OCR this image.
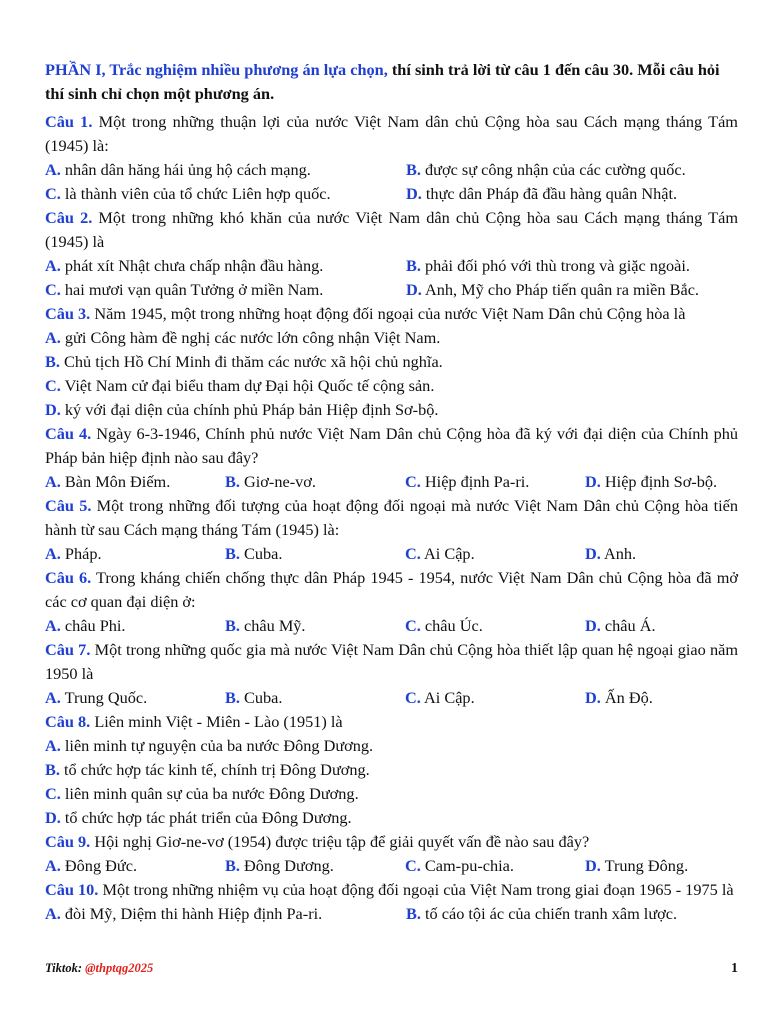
PHẦN I, Trắc nghiệm nhiều phương án lựa chọn, thí sinh trả lời từ câu 1 đến câu 30. Mỗi câu hỏi thí sinh chỉ chọn một phương án.
Câu 1. Một trong những thuận lợi của nước Việt Nam dân chủ Cộng hòa sau Cách mạng tháng Tám (1945) là:
A. nhân dân hăng hái ủng hộ cách mạng.	B. được sự công nhận của các cường quốc.
C. là thành viên của tổ chức Liên hợp quốc.	D. thực dân Pháp đã đầu hàng quân Nhật.
Câu 2. Một trong những khó khăn của nước Việt Nam dân chủ Cộng hòa sau Cách mạng tháng Tám (1945) là
A. phát xít Nhật chưa chấp nhận đầu hàng.	B. phải đối phó với thù trong và giặc ngoài.
C. hai mươi vạn quân Tưởng ở miền Nam.	D. Anh, Mỹ cho Pháp tiến quân ra miền Bắc.
Câu 3. Năm 1945, một trong những hoạt động đối ngoại của nước Việt Nam Dân chủ Cộng hòa là
A. gửi Công hàm đề nghị các nước lớn công nhận Việt Nam.
B. Chủ tịch Hồ Chí Minh đi thăm các nước xã hội chủ nghĩa.
C. Việt Nam cử đại biểu tham dự Đại hội Quốc tế cộng sản.
D. ký với đại diện của chính phủ Pháp bản Hiệp định Sơ-bộ.
Câu 4. Ngày 6-3-1946, Chính phủ nước Việt Nam Dân chủ Cộng hòa đã ký với đại diện của Chính phủ Pháp bản hiệp định nào sau đây?
A. Bàn Môn Điếm.	B. Giơ-ne-vơ.	C. Hiệp định Pa-ri.	D. Hiệp định Sơ-bộ.
Câu 5. Một trong những đối tượng của hoạt động đối ngoại mà nước Việt Nam Dân chủ Cộng hòa tiến hành từ sau Cách mạng tháng Tám (1945) là:
A. Pháp.	B. Cuba.	C. Ai Cập.	D. Anh.
Câu 6. Trong kháng chiến chống thực dân Pháp 1945 - 1954, nước Việt Nam Dân chủ Cộng hòa đã mở các cơ quan đại diện ở:
A. châu Phi.	B. châu Mỹ.	C. châu Úc.	D. châu Á.
Câu 7. Một trong những quốc gia mà nước Việt Nam Dân chủ Cộng hòa thiết lập quan hệ ngoại giao năm 1950 là
A. Trung Quốc.	B. Cuba.	C. Ai Cập.	D. Ấn Độ.
Câu 8. Liên minh Việt - Miên - Lào (1951) là
A. liên minh tự nguyện của ba nước Đông Dương.
B. tổ chức hợp tác kinh tế, chính trị Đông Dương.
C. liên minh quân sự của ba nước Đông Dương.
D. tổ chức hợp tác phát triển của Đông Dương.
Câu 9. Hội nghị Giơ-ne-vơ (1954) được triệu tập để giải quyết vấn đề nào sau đây?
A. Đông Đức.	B. Đông Dương.	C. Cam-pu-chia.	D. Trung Đông.
Câu 10. Một trong những nhiệm vụ của hoạt động đối ngoại của Việt Nam trong giai đoạn 1965 - 1975 là
A. đòi Mỹ, Diệm thi hành Hiệp định Pa-ri.	B. tố cáo tội ác của chiến tranh xâm lược.
Tiktok: @thptqg2025	1
